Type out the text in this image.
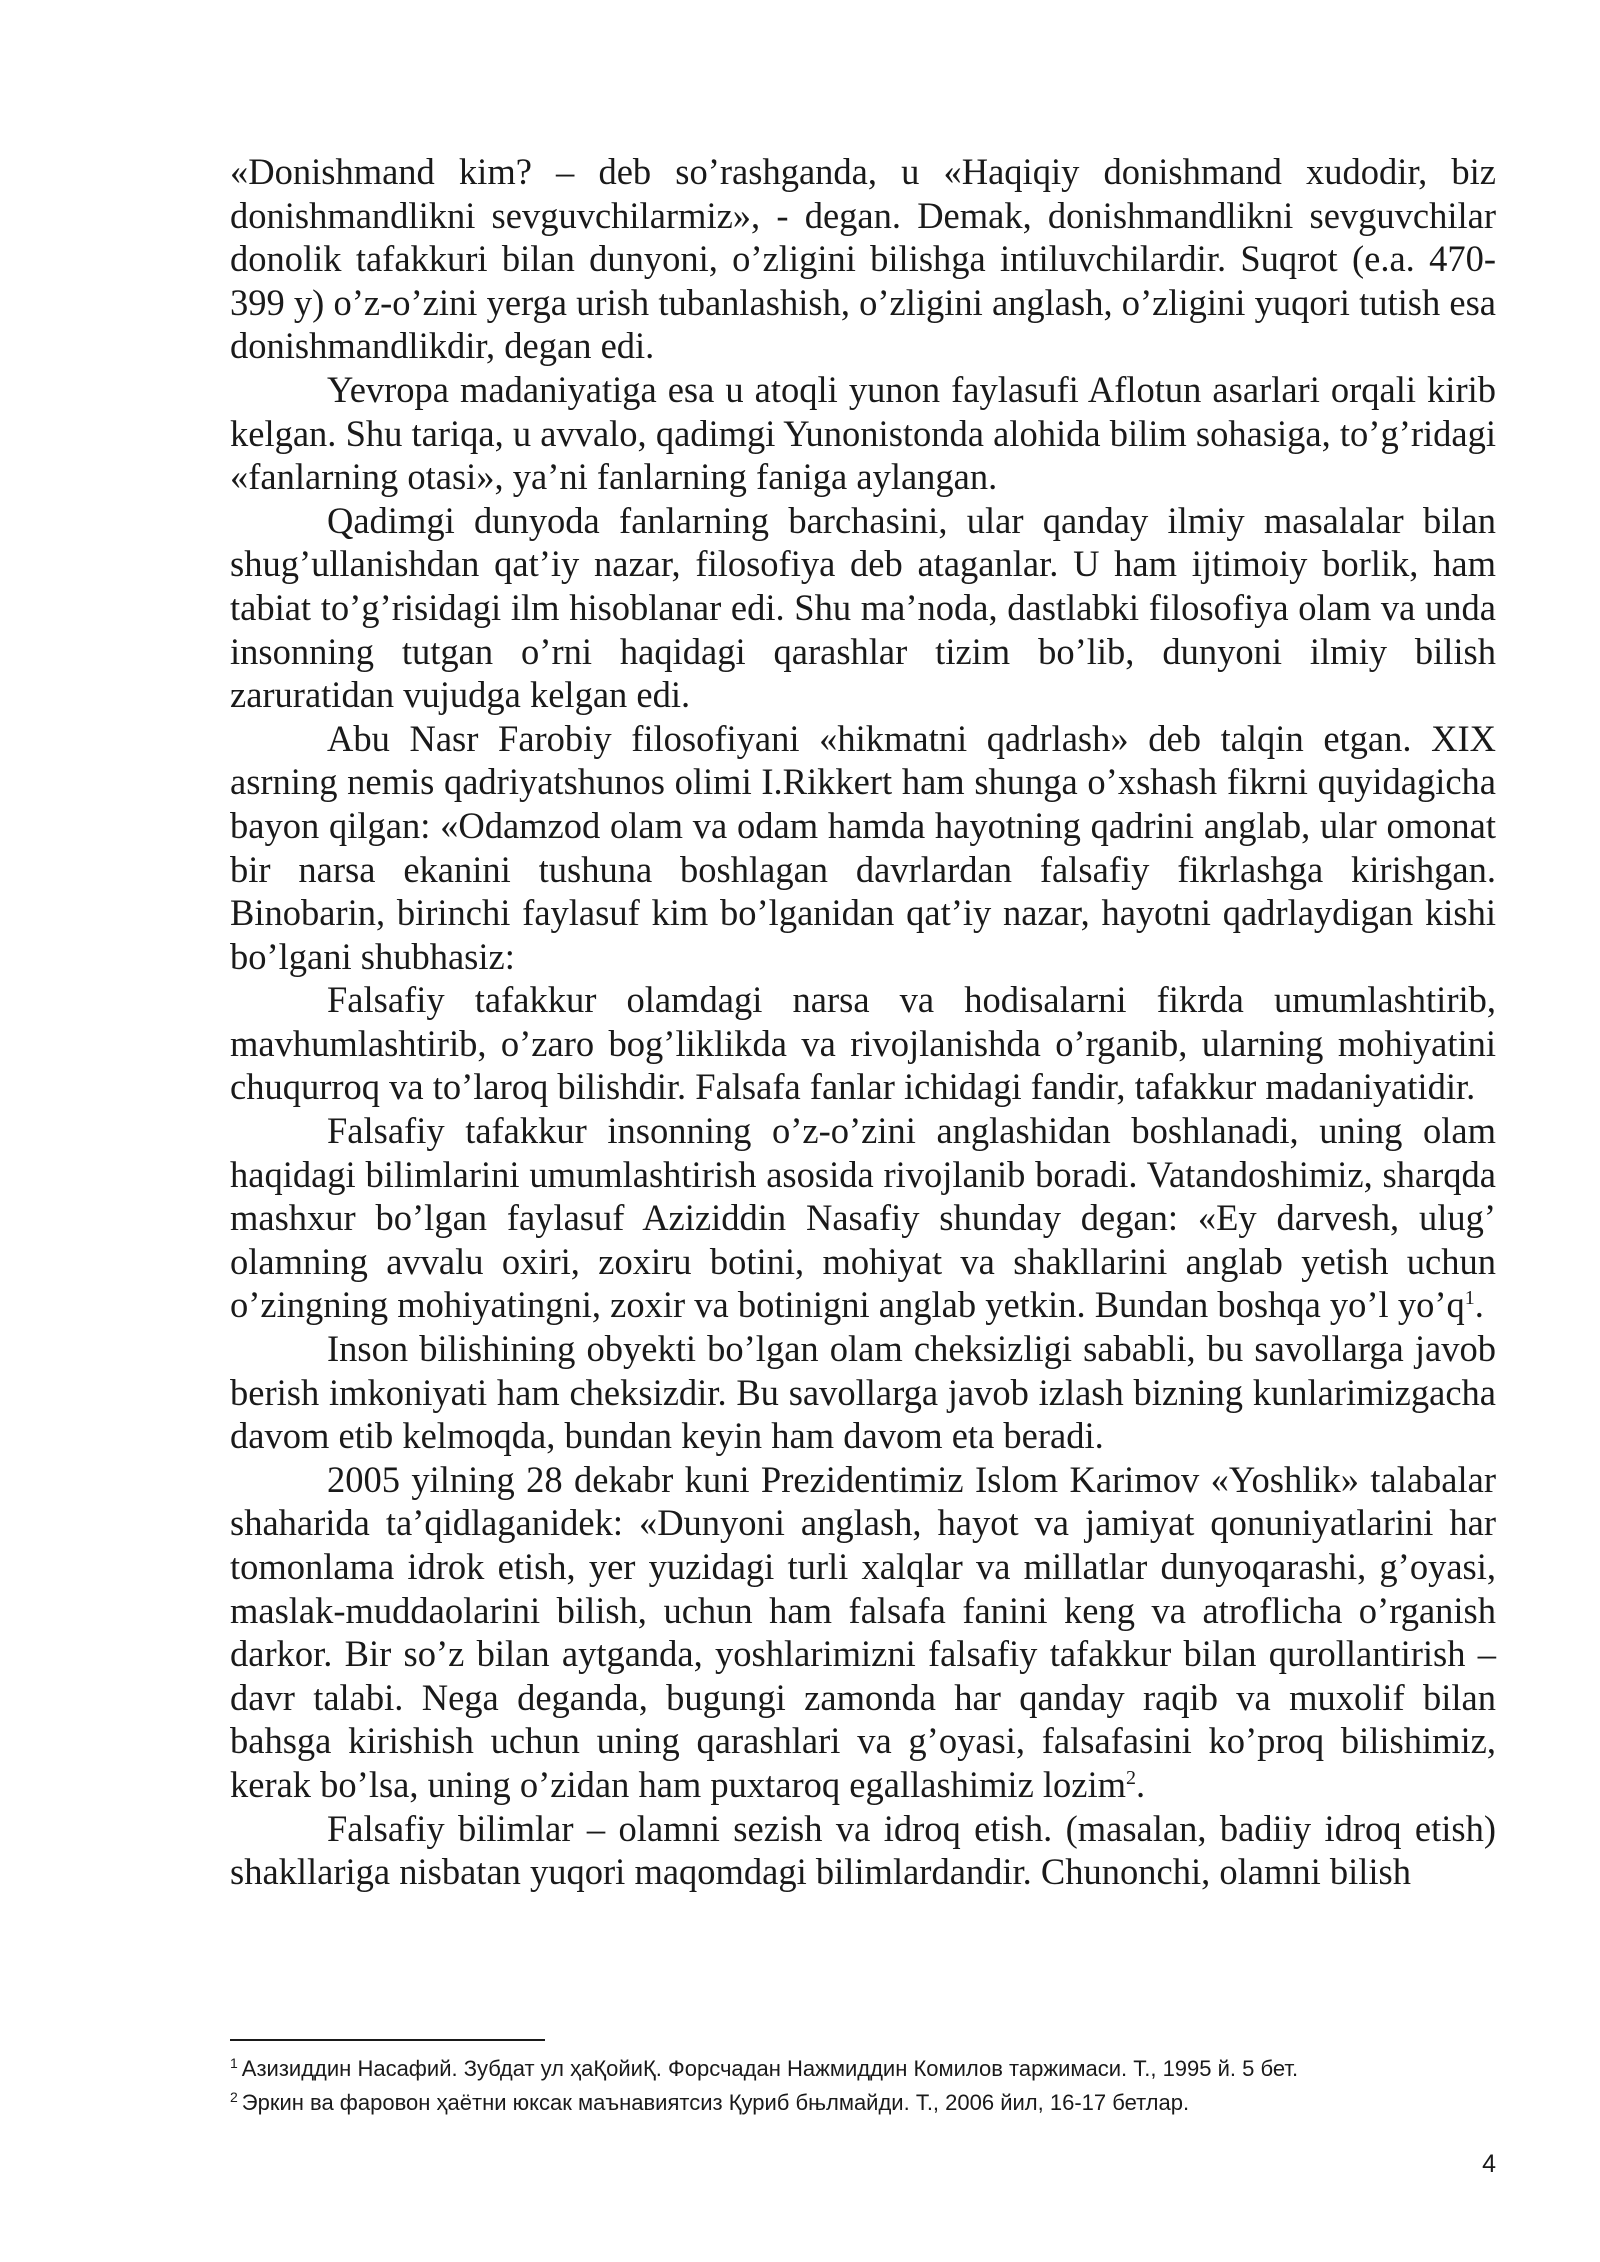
«Donishmand kim? – deb so’rashganda, u «Haqiqiy donishmand xudodir, biz donishmandlikni sevguvchilarmiz», - degan. Demak, donishmandlikni sevguvchilar donolik tafakkuri bilan dunyoni, o’zligini bilishga intiluvchilardir. Suqrot (e.a. 470-399 y) o’z-o’zini yerga urish tubanlashish, o’zligini anglash, o’zligini yuqori tutish esa donishmandlikdir, degan edi.

Yevropa madaniyatiga esa u atoqli yunon faylasufi Aflotun asarlari orqali kirib kelgan. Shu tariqa, u avvalo, qadimgi Yunonistonda alohida bilim sohasiga, to’g’ridagi «fanlarning otasi», ya’ni fanlarning faniga aylangan.

Qadimgi dunyoda fanlarning barchasini, ular qanday ilmiy masalalar bilan shug’ullanishdan qat’iy nazar, filosofiya deb ataganlar. U ham ijtimoiy borlik, ham tabiat to’g’risidagi ilm hisoblanar edi. Shu ma’noda, dastlabki filosofiya olam va unda insonning tutgan o’rni haqidagi qarashlar tizim bo’lib, dunyoni ilmiy bilish zaruratidan vujudga kelgan edi.

Abu Nasr Farobiy filosofiyani «hikmatni qadrlash» deb talqin etgan. XIX asrning nemis qadriyatshunos olimi I.Rikkert ham shunga o’xshash fikrni quyidagicha bayon qilgan: «Odamzod olam va odam hamda hayotning qadrini anglab, ular omonat bir narsa ekanini tushuna boshlagan davrlardan falsafiy fikrlashga kirishgan. Binobarin, birinchi faylasuf kim bo’lganidan qat’iy nazar, hayotni qadrlaydigan kishi bo’lgani shubhasiz:

Falsafiy tafakkur olamdagi narsa va hodisalarni fikrda umumlashtirib, mavhumlashtirib, o’zaro bog’liklikda va rivojlanishda o’rganib, ularning mohiyatini chuqurroq va to’laroq bilishdir. Falsafa fanlar ichidagi fandir, tafakkur madaniyatidir.

Falsafiy tafakkur insonning o’z-o’zini anglashidan boshlanadi, uning olam haqidagi bilimlarini umumlashtirish asosida rivojlanib boradi. Vatandoshimiz, sharqda mashxur bo’lgan faylasuf Aziziddin Nasafiy shunday degan: «Ey darvesh, ulug’ olamning avvalu oxiri, zoxiru botini, mohiyat va shakllarini anglab yetish uchun o’zingning mohiyatingni, zoxir va botinigni anglab yetkin. Bundan boshqa yo’l $yo’q^1$.

Inson bilishining obyekti bo’lgan olam cheksizligi sababli, bu savollarga javob berish imkoniyati ham cheksizdir. Bu savollarga javob izlash bizning kunlarimizgacha davom etib kelmoqda, bundan keyin ham davom eta beradi.

2005 yilning 28 dekabr kuni Prezidentimiz Islom Karimov «Yoshlik» talabalar shaharida ta’qidlaganidek: «Dunyoni anglash, hayot va jamiyat qonuniyatlarini har tomonlama idrok etish, yer yuzidagi turli xalqlar va millatlar dunyoqarashi, g’oyasi, maslak-muddaolarini bilish, uchun ham falsafa fanini keng va atroflicha o’rganish darkor. Bir so’z bilan aytganda, yoshlarimizni falsafiy tafakkur bilan qurollantirish – davr talabi. Nega deganda, bugungi zamonda har qanday raqib va muxolif bilan bahsga kirishish uchun uning qarashlari va g’oyasi, falsafasini ko’proq bilishimiz, kerak bo’lsa, uning o’zidan ham puxtaroq egallashimiz lozim$^2$.

Falsafiy bilimlar – olamni sezish va idroq etish. (masalan, badiiy idroq etish) shakllariga nisbatan yuqori maqomdagi bilimlardandir. Chunonchi, olamni bilish

$^1$ Азизиддин Насафий. Зубдат ул ҳаҚойиҚ. Форсчадан Нажмиддин Комилов таржимаси. Т., 1995 й. 5 бет.

$^2$ Эркин ва фаровон ҳаётни юксак маънавиятсиз Қуриб бњлмайди. Т., 2006 йил, 16-17 бетлар.

4
